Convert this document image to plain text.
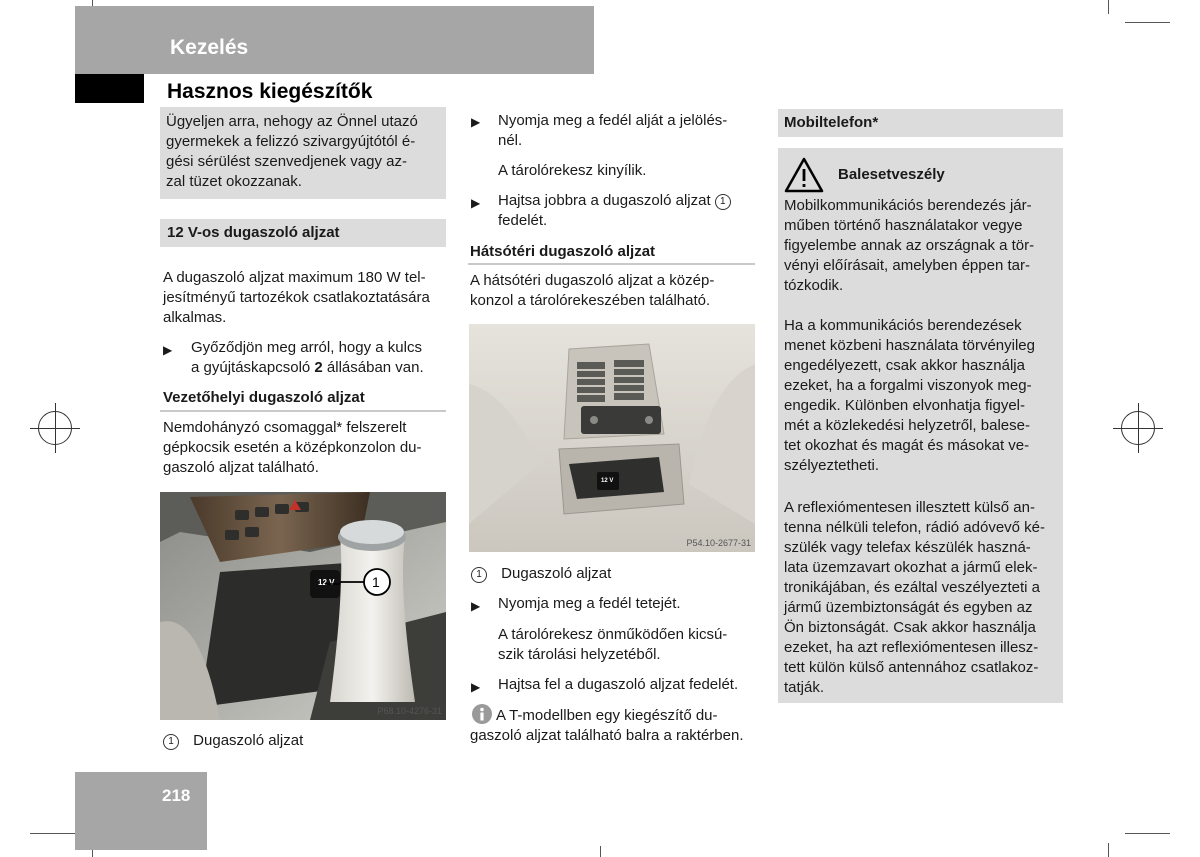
Kezelés
Hasznos kiegészítők
Ügyeljen arra, nehogy az Önnel utazó
gyermekek a felizzó szivargyújtótól é-
gési sérülést szenvedjenek vagy az-
zal tüzet okozzanak.
12 V-os dugaszoló aljzat
A dugaszoló aljzat maximum 180 W tel-
jesítményű tartozékok csatlakoztatására
alkalmas.
▶ Győződjön meg arról, hogy a kulcs
a gyújtáskapcsoló 2 állásában van.
Vezetőhelyi dugaszoló aljzat
Nemdohányzó csomaggal* felszerelt
gépkocsik esetén a középkonzolon du-
gaszoló aljzat található.
12 V	1
P68.10-4276-31
1 Dugaszoló aljzat
▶ Nyomja meg a fedél alját a jelölés-
nél.
A tárolórekesz kinyílik.
▶ Hajtsa jobbra a dugaszoló aljzat 1
fedelét.
Hátsótéri dugaszoló aljzat
A hátsótéri dugaszoló aljzat a közép-
konzol a tárolórekeszében található.
12 V
P54.10-2677-31
1 Dugaszoló aljzat
▶ Nyomja meg a fedél tetejét.
A tárolórekesz önműködően kicsú-
szik tárolási helyzetéből.
▶ Hajtsa fel a dugaszoló aljzat fedelét.
A T-modellben egy kiegészítő du-
gaszoló aljzat található balra a raktérben.
Mobiltelefon*
Balesetveszély
Mobilkommunikációs berendezés jár-
műben történő használatakor vegye
figyelembe annak az országnak a tör-
vényi előírásait, amelyben éppen tar-
tózkodik.
Ha a kommunikációs berendezések
menet közbeni használata törvényileg
engedélyezett, csak akkor használja
ezeket, ha a forgalmi viszonyok meg-
engedik. Különben elvonhatja figyel-
mét a közlekedési helyzetről, balese-
tet okozhat és magát és másokat ve-
szélyeztetheti.
A reflexiómentesen illesztett külső an-
tenna nélküli telefon, rádió adóvevő ké-
szülék vagy telefax készülék haszná-
lata üzemzavart okozhat a jármű elek-
tronikájában, és ezáltal veszélyezteti a
jármű üzembiztonságát és egyben az
Ön biztonságát. Csak akkor használja
ezeket, ha azt reflexiómentesen illesz-
tett külön külső antennához csatlakoz-
tatják.
218
